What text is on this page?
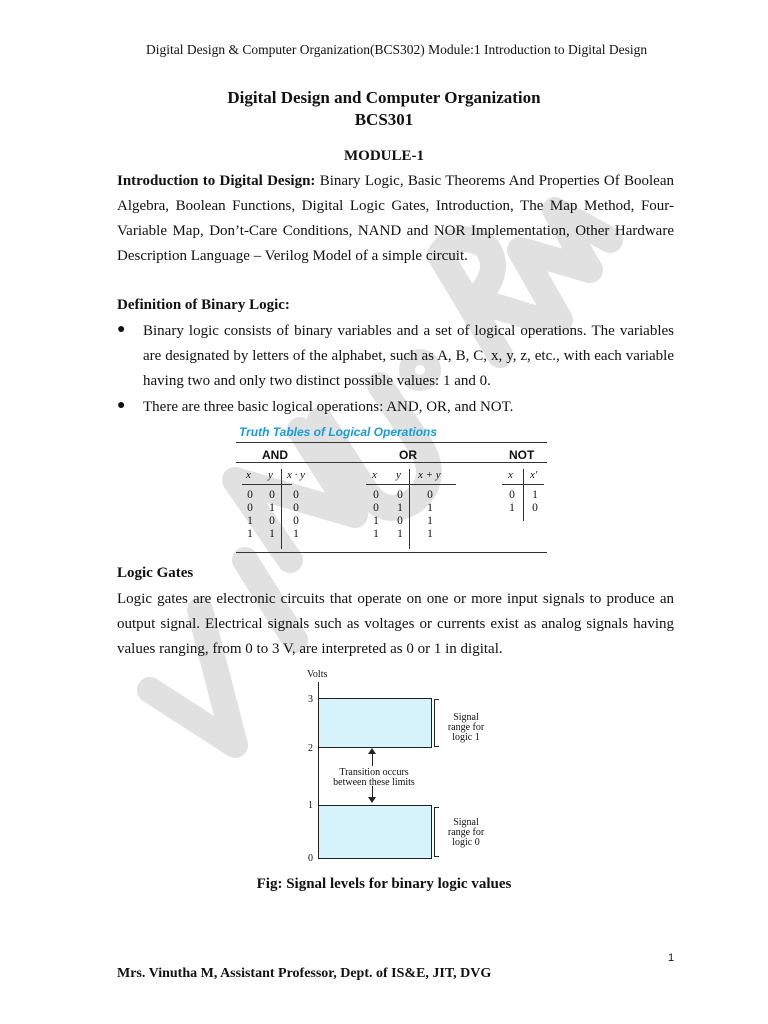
Digital Design & Computer Organization(BCS302) Module:1 Introduction to Digital Design
Digital Design and Computer Organization
BCS301
MODULE-1
Introduction to Digital Design: Binary Logic, Basic Theorems And Properties Of Boolean Algebra, Boolean Functions, Digital Logic Gates, Introduction, The Map Method, Four-Variable Map, Don’t-Care Conditions, NAND and NOR Implementation, Other Hardware Description Language – Verilog Model of a simple circuit.
Definition of Binary Logic:
● Binary logic consists of binary variables and a set of logical operations. The variables are designated by letters of the alphabet, such as A, B, C, x, y, z, etc., with each variable having two and only two distinct possible values: 1 and 0.
● There are three basic logical operations: AND, OR, and NOT.
Truth Tables of Logical Operations
AND	OR	NOT
x y x · y
0	0	0
0	1	0
1	0	0
1	1	1
x y x + y
0	0	0
0	1	1
1	0	1
1	1	1
x x′
0	1
1	0
Logic Gates
Logic gates are electronic circuits that operate on one or more input signals to produce an output signal. Electrical signals such as voltages or currents exist as analog signals having values ranging, from 0 to 3 V, are interpreted as 0 or 1 in digital.
Volts
3
2
1
0
Transition occurs
between these limits
Signal
range for
logic 1
Signal
range for
logic 0
Fig: Signal levels for binary logic values
1
Mrs. Vinutha M, Assistant Professor, Dept. of IS&E, JIT, DVG
